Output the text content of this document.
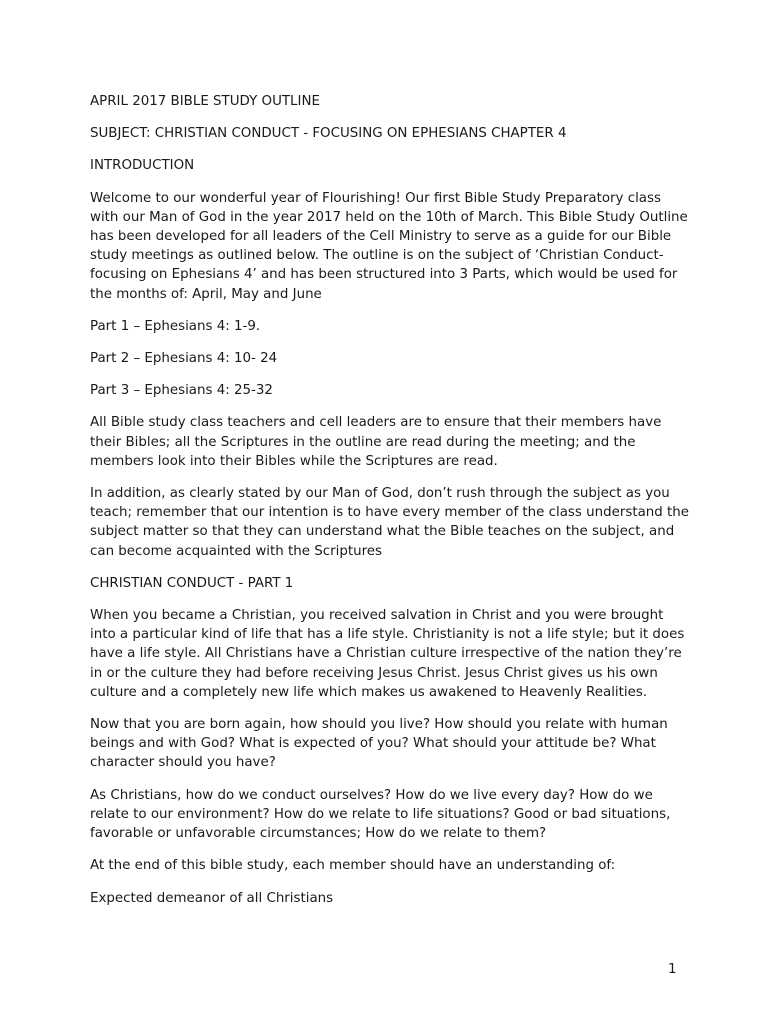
APRIL 2017 BIBLE STUDY OUTLINE

SUBJECT: CHRISTIAN CONDUCT - FOCUSING ON EPHESIANS CHAPTER 4

INTRODUCTION

Welcome to our wonderful year of Flourishing! Our first Bible Study Preparatory class with our Man of God in the year 2017 held on the 10th of March. This Bible Study Outline has been developed for all leaders of the Cell Ministry to serve as a guide for our Bible study meetings as outlined below. The outline is on the subject of ‘Christian Conduct- focusing on Ephesians 4’ and has been structured into 3 Parts, which would be used for the months of: April, May and June

Part 1 – Ephesians 4: 1-9.

Part 2 – Ephesians 4: 10- 24

Part 3 – Ephesians 4: 25-32

All Bible study class teachers and cell leaders are to ensure that their members have their Bibles; all the Scriptures in the outline are read during the meeting; and the members look into their Bibles while the Scriptures are read.

In addition, as clearly stated by our Man of God, don’t rush through the subject as you teach; remember that our intention is to have every member of the class understand the subject matter so that they can understand what the Bible teaches on the subject, and can become acquainted with the Scriptures

CHRISTIAN CONDUCT - PART 1

When you became a Christian, you received salvation in Christ and you were brought into a particular kind of life that has a life style. Christianity is not a life style; but it does have a life style. All Christians have a Christian culture irrespective of the nation they’re in or the culture they had before receiving Jesus Christ. Jesus Christ gives us his own culture and a completely new life which makes us awakened to Heavenly Realities.

Now that you are born again, how should you live? How should you relate with human beings and with God? What is expected of you? What should your attitude be? What character should you have?

As Christians, how do we conduct ourselves? How do we live every day? How do we relate to our environment? How do we relate to life situations? Good or bad situations, favorable or unfavorable circumstances; How do we relate to them?

At the end of this bible study, each member should have an understanding of:

Expected demeanor of all Christians

1
